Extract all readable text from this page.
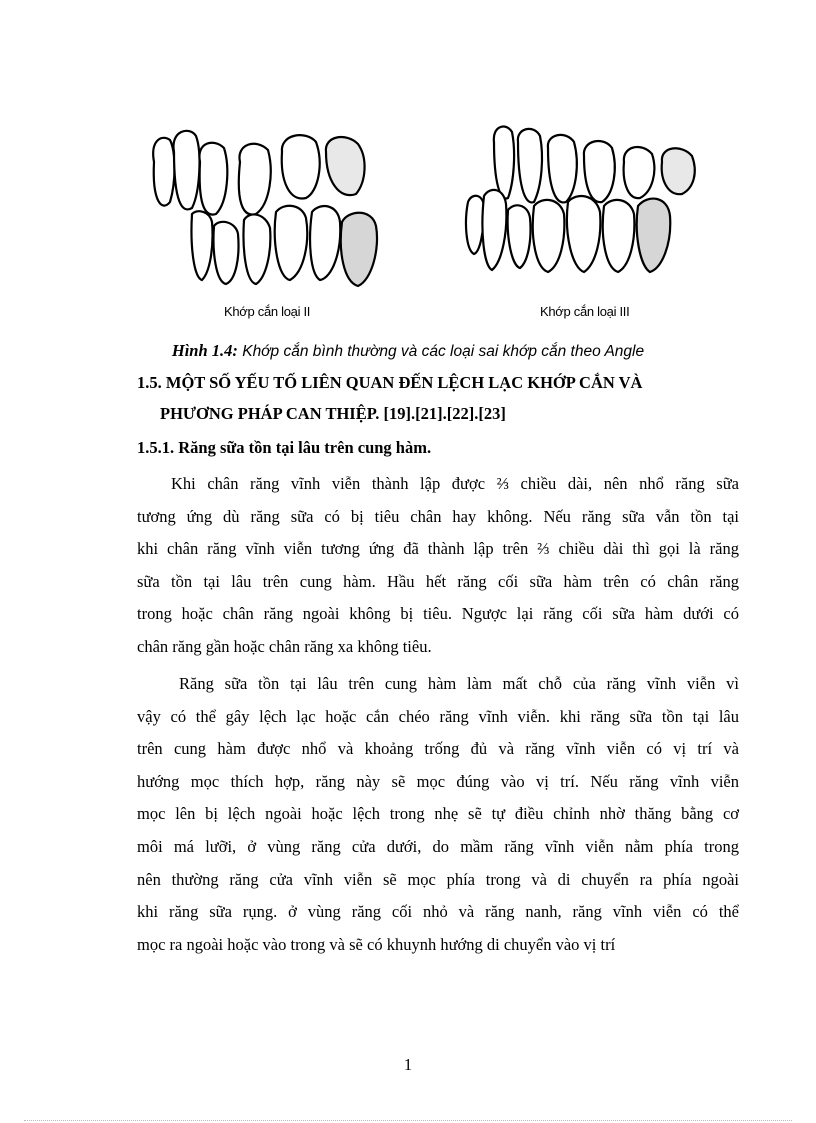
Khớp cắn loại II	Khớp cắn loại III
Hình 1.4: Khớp cắn bình thường và các loại sai khớp cắn theo Angle
1.5. MỘT SỐ YẾU TỐ LIÊN QUAN ĐẾN LỆCH LẠC KHỚP CẮN VÀ
PHƯƠNG PHÁP CAN THIỆP. [19].[21].[22].[23]
1.5.1. Răng sữa tồn tại lâu trên cung hàm.
Khi chân răng vĩnh viễn thành lập được ⅔ chiều dài, nên nhổ răng sữa
tương ứng dù răng sữa có bị tiêu chân hay không. Nếu răng sữa vẫn tồn tại
khi chân răng vĩnh viễn tương ứng đã thành lập trên ⅔ chiều dài thì gọi là răng
sữa tồn tại lâu trên cung hàm. Hầu hết răng cối sữa hàm trên có chân răng
trong hoặc chân răng ngoài không bị tiêu. Ngược lại răng cối sữa hàm dưới có
chân răng gần hoặc chân răng xa không tiêu.
Răng sữa tồn tại lâu trên cung hàm làm mất chỗ của răng vĩnh viễn vì
vậy có thể gây lệch lạc hoặc cắn chéo răng vĩnh viễn. khi răng sữa tồn tại lâu
trên cung hàm được nhổ và khoảng trống đủ và răng vĩnh viễn có vị trí và
hướng mọc thích hợp, răng này sẽ mọc đúng vào vị trí. Nếu răng vĩnh viễn
mọc lên bị lệch ngoài hoặc lệch trong nhẹ sẽ tự điều chỉnh nhờ thăng bằng cơ
môi má lưỡi, ở vùng răng cửa dưới, do mầm răng vĩnh viễn nằm phía trong
nên thường răng cửa vĩnh viễn sẽ mọc phía trong và di chuyển ra phía ngoài
khi răng sữa rụng. ở vùng răng cối nhỏ và răng nanh, răng vĩnh viễn có thể
mọc ra ngoài hoặc vào trong và sẽ có khuynh hướng di chuyển vào vị trí
1
